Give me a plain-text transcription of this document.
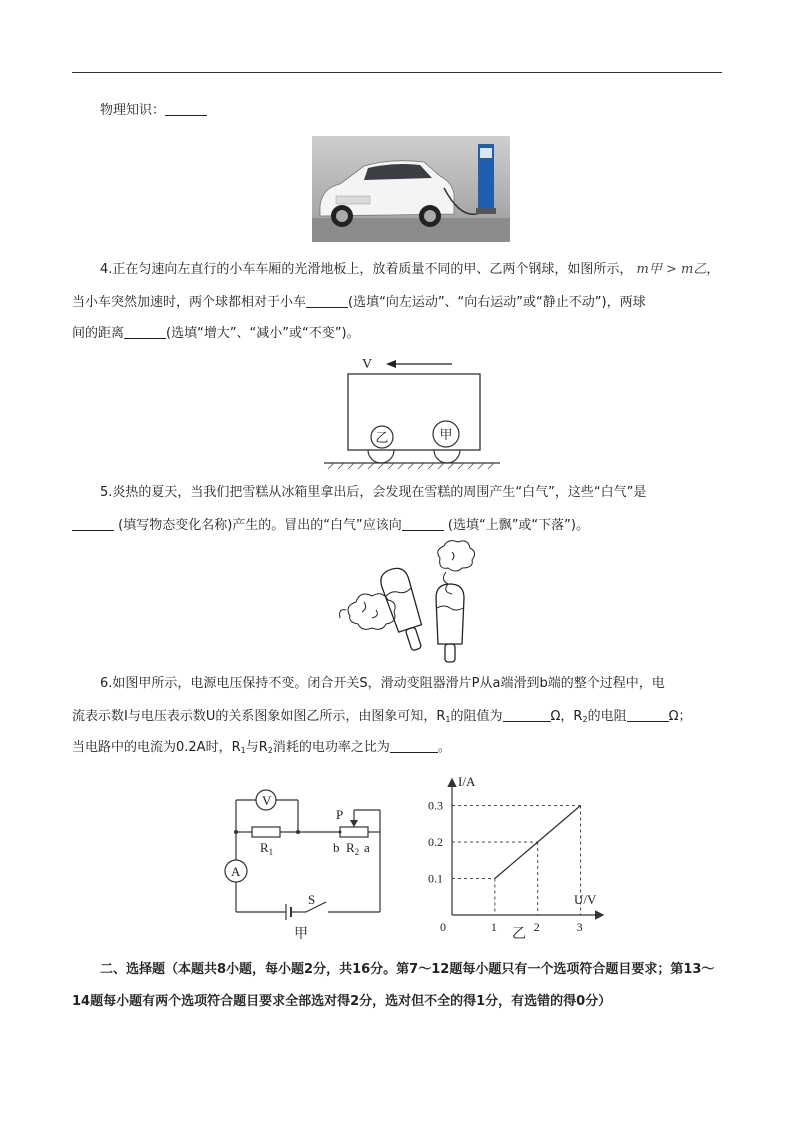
物理知识：
4.正在匀速向左直行的小车车厢的光滑地板上，放着质量不同的甲、乙两个钢球，如图所示， m甲 > m乙，
当小车突然加速时，两个球都相对于小车	(选填“向左运动”、“向右运动”或“静止不动”)，两球
间的距离	(选填“增大”、“减小”或“不变”)。
V
乙	甲
5.炎热的夏天，当我们把雪糕从冰箱里拿出后，会发现在雪糕的周围产生“白气”，这些“白气”是
(填写物态变化名称)产生的。冒出的“白气”应该向	(选填“上飘”或“下落”)。
6.如图甲所示，电源电压保持不变。闭合开关S，滑动变阻器滑片P从a端滑到b端的整个过程中，电
流表示数I与电压表示数U的关系图象如图乙所示，由图象可知，$R_1$的阻值为	Ω，$R_2$的电阻	Ω；
当电路中的电流为0.2A时，$R_1$与$R_2$消耗的电功率之比为	。
V
A
$R_1$
P
b $R_2$ a
S
甲
I/A
U/V
乙
0	1	2	3
0.1
0.2
0.3
二、选择题（本题共8小题，每小题2分，共16分。第7～12题每小题只有一个选项符合题目要求；第13～
14题每小题有两个选项符合题目要求全部选对得2分，选对但不全的得1分，有选错的得0分）
